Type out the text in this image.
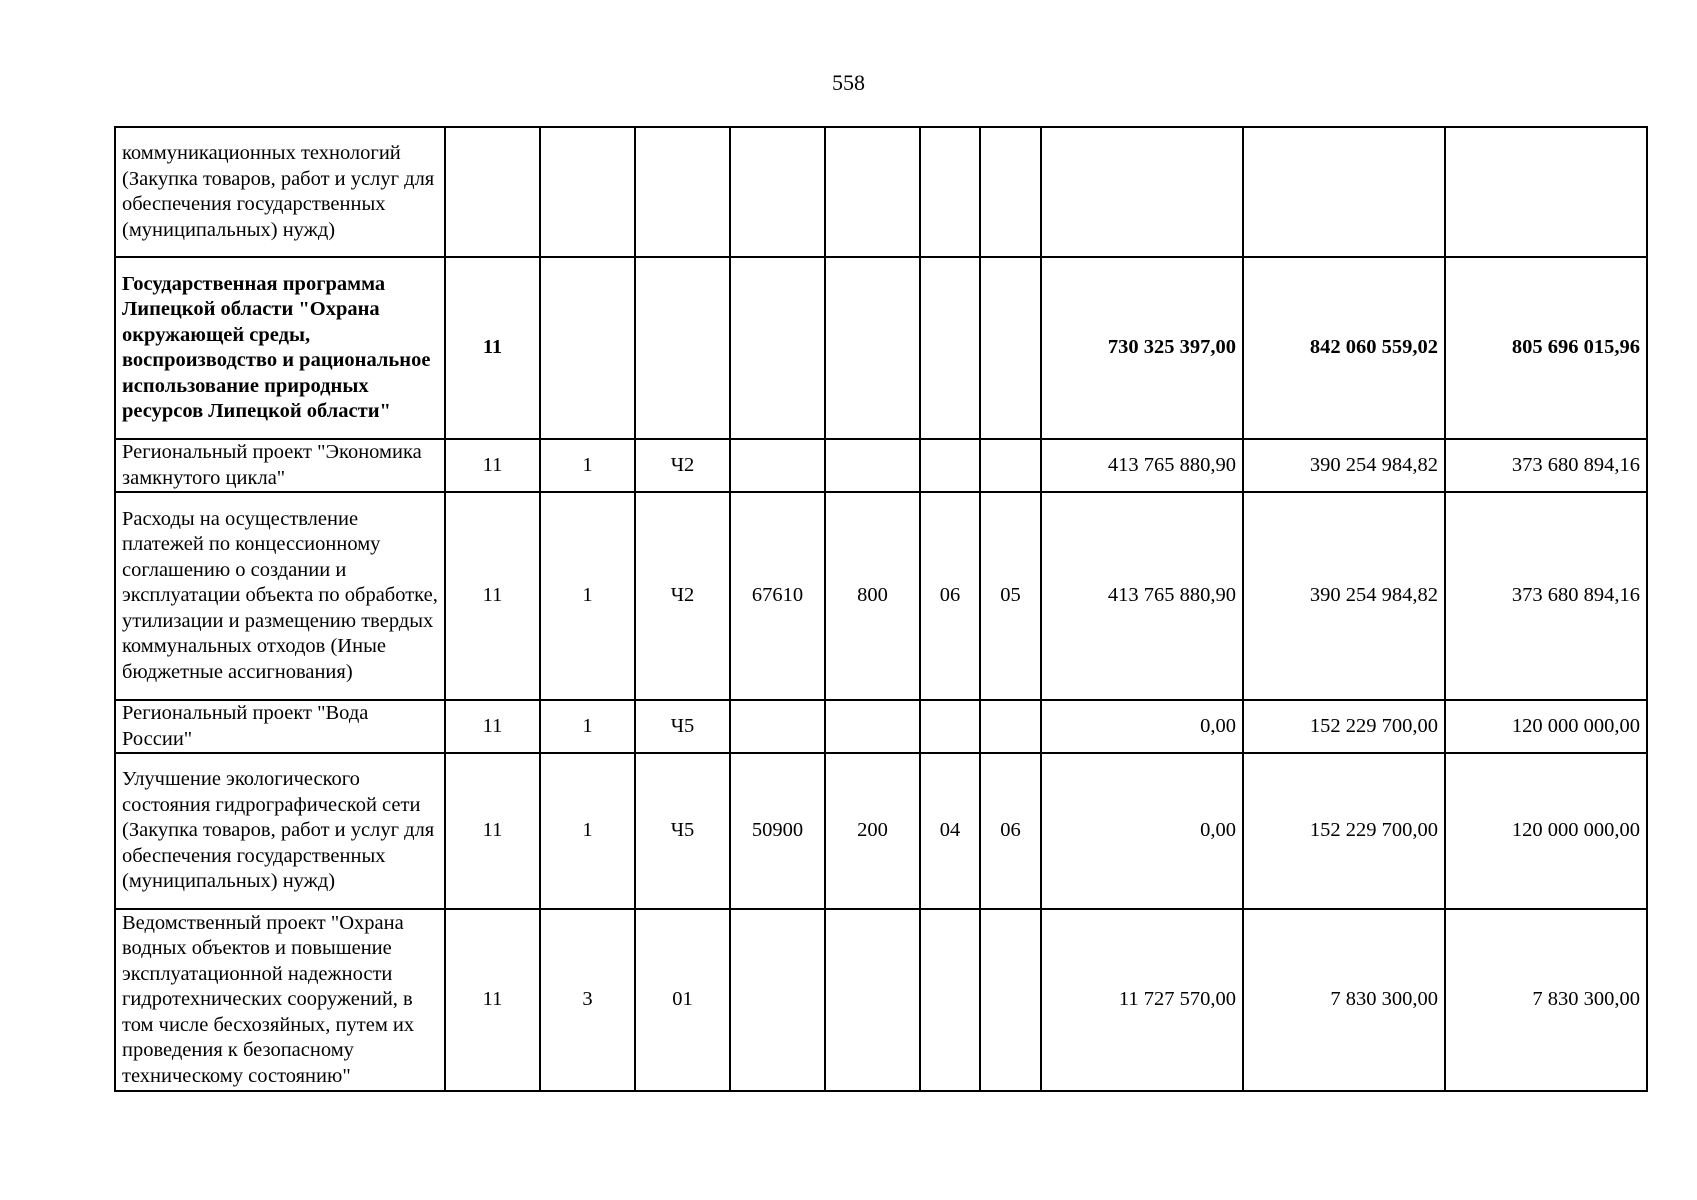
558
коммуникационных технологий (Закупка товаров, работ и услуг для обеспечения государственных (муниципальных) нужд)										
Государственная программа Липецкой области "Охрана окружающей среды, воспроизводство и рациональное использование природных ресурсов Липецкой области"	11							730 325 397,00	842 060 559,02	805 696 015,96
Региональный проект "Экономика замкнутого цикла"	11	1	Ч2					413 765 880,90	390 254 984,82	373 680 894,16
Расходы на осуществление платежей по концессионному соглашению о создании и эксплуатации объекта по обработке, утилизации и размещению твердых коммунальных отходов (Иные бюджетные ассигнования)	11	1	Ч2	67610	800	06	05	413 765 880,90	390 254 984,82	373 680 894,16
Региональный проект "Вода России"	11	1	Ч5					0,00	152 229 700,00	120 000 000,00
Улучшение экологического состояния гидрографической сети (Закупка товаров, работ и услуг для обеспечения государственных (муниципальных) нужд)	11	1	Ч5	50900	200	04	06	0,00	152 229 700,00	120 000 000,00
Ведомственный проект "Охрана водных объектов и повышение эксплуатационной надежности гидротехнических сооружений, в том числе бесхозяйных, путем их проведения к безопасному техническому состоянию"	11	3	01					11 727 570,00	7 830 300,00	7 830 300,00
